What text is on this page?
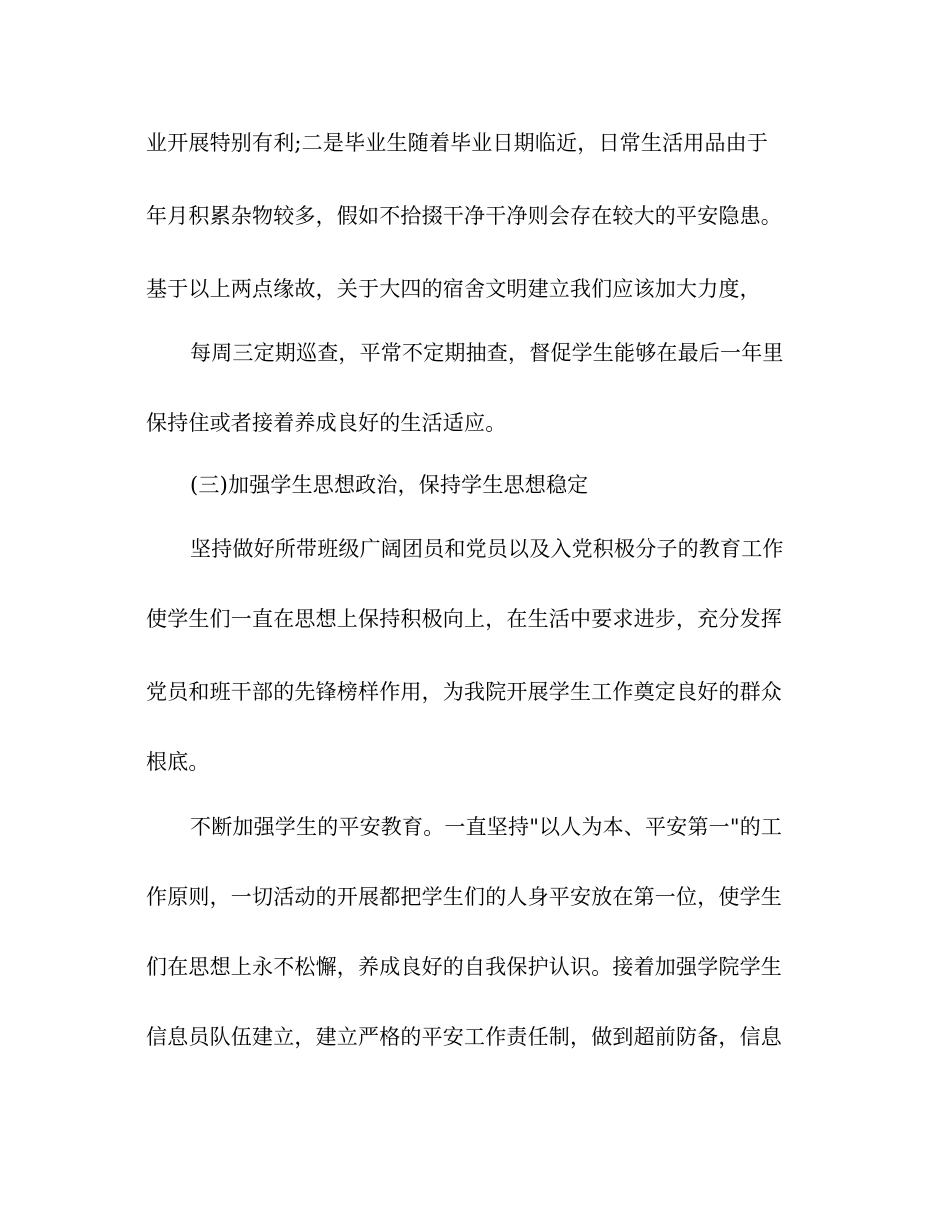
业开展特别有利;二是毕业生随着毕业日期临近，日常生活用品由于
年月积累杂物较多，假如不拾掇干净干净则会存在较大的平安隐患。
基于以上两点缘故，关于大四的宿舍文明建立我们应该加大力度，
每周三定期巡查，平常不定期抽查，督促学生能够在最后一年里
保持住或者接着养成良好的生活适应。
(三)加强学生思想政治，保持学生思想稳定
坚持做好所带班级广阔团员和党员以及入党积极分子的教育工作
使学生们一直在思想上保持积极向上，在生活中要求进步，充分发挥
党员和班干部的先锋榜样作用，为我院开展学生工作奠定良好的群众
根底。
不断加强学生的平安教育。一直坚持"以人为本、平安第一"的工
作原则，一切活动的开展都把学生们的人身平安放在第一位，使学生
们在思想上永不松懈，养成良好的自我保护认识。接着加强学院学生
信息员队伍建立，建立严格的平安工作责任制，做到超前防备，信息
